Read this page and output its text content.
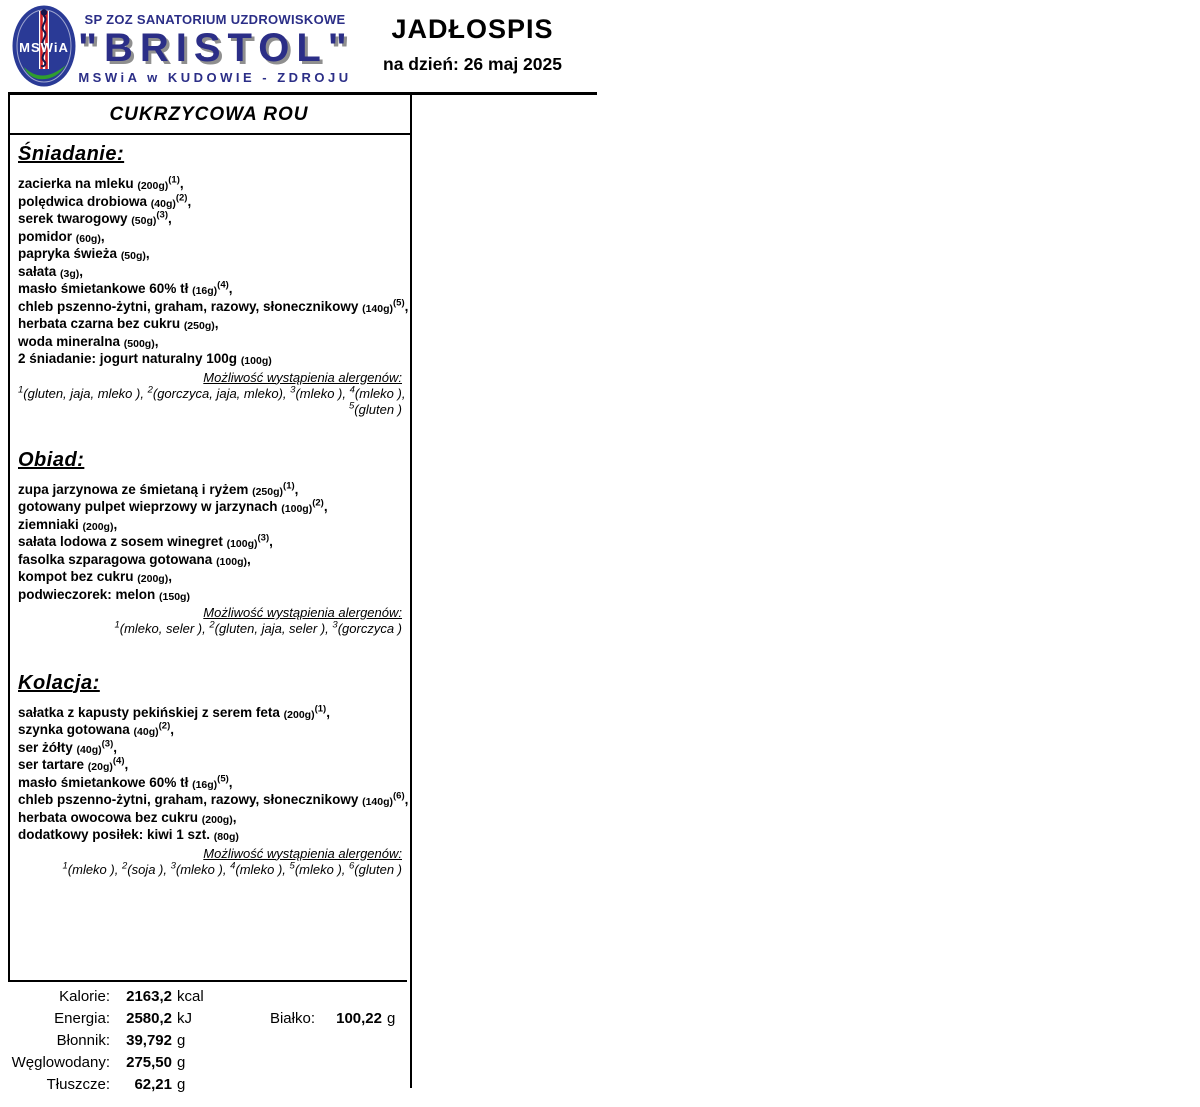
MSWiA
SP ZOZ SANATORIUM UZDROWISKOWE
"BRISTOL"
MSWiA w KUDOWIE - ZDROJU
JADŁOSPIS
na dzień: 26 maj 2025
CUKRZYCOWA ROU
Śniadanie:
zacierka na mleku $(200g)^{(1)}$,
polędwica drobiowa $(40g)^{(2)}$,
serek twarogowy $(50g)^{(3)}$,
pomidor (60g),
papryka świeża (50g),
sałata (3g),
masło śmietankowe 60% tł $(16g)^{(4)}$,
chleb pszenno-żytni, graham, razowy, słonecznikowy $(140g)^{(5)}$,
herbata czarna bez cukru (250g),
woda mineralna (500g),
2 śniadanie: jogurt naturalny 100g (100g)
Możliwość wystąpienia alergenów:
$^1$(gluten, jaja, mleko ), $^2$(gorczyca, jaja, mleko), $^3$(mleko ), $^4$(mleko ),
$^5$(gluten )
Obiad:
zupa jarzynowa ze śmietaną i ryżem $(250g)^{(1)}$,
gotowany pulpet wieprzowy w jarzynach $(100g)^{(2)}$,
ziemniaki (200g),
sałata lodowa z sosem winegret $(100g)^{(3)}$,
fasolka szparagowa gotowana (100g),
kompot bez cukru (200g),
podwieczorek: melon (150g)
Możliwość wystąpienia alergenów:
$^1$(mleko, seler ), $^2$(gluten, jaja, seler ), $^3$(gorczyca )
Kolacja:
sałatka z kapusty pekińskiej z serem feta $(200g)^{(1)}$,
szynka gotowana $(40g)^{(2)}$,
ser żółty $(40g)^{(3)}$,
ser tartare $(20g)^{(4)}$,
masło śmietankowe 60% tł $(16g)^{(5)}$,
chleb pszenno-żytni, graham, razowy, słonecznikowy $(140g)^{(6)}$,
herbata owocowa bez cukru (200g),
dodatkowy posiłek: kiwi 1 szt. (80g)
Możliwość wystąpienia alergenów:
$^1$(mleko ), $^2$(soja ), $^3$(mleko ), $^4$(mleko ), $^5$(mleko ), $^6$(gluten )
Kalorie: 2163,2 kcal
Energia: 2580,2 kJ
Błonnik: 39,792 g
Węglowodany: 275,50 g
Tłuszcze:	62,21 g
Białko:	100,22 g
